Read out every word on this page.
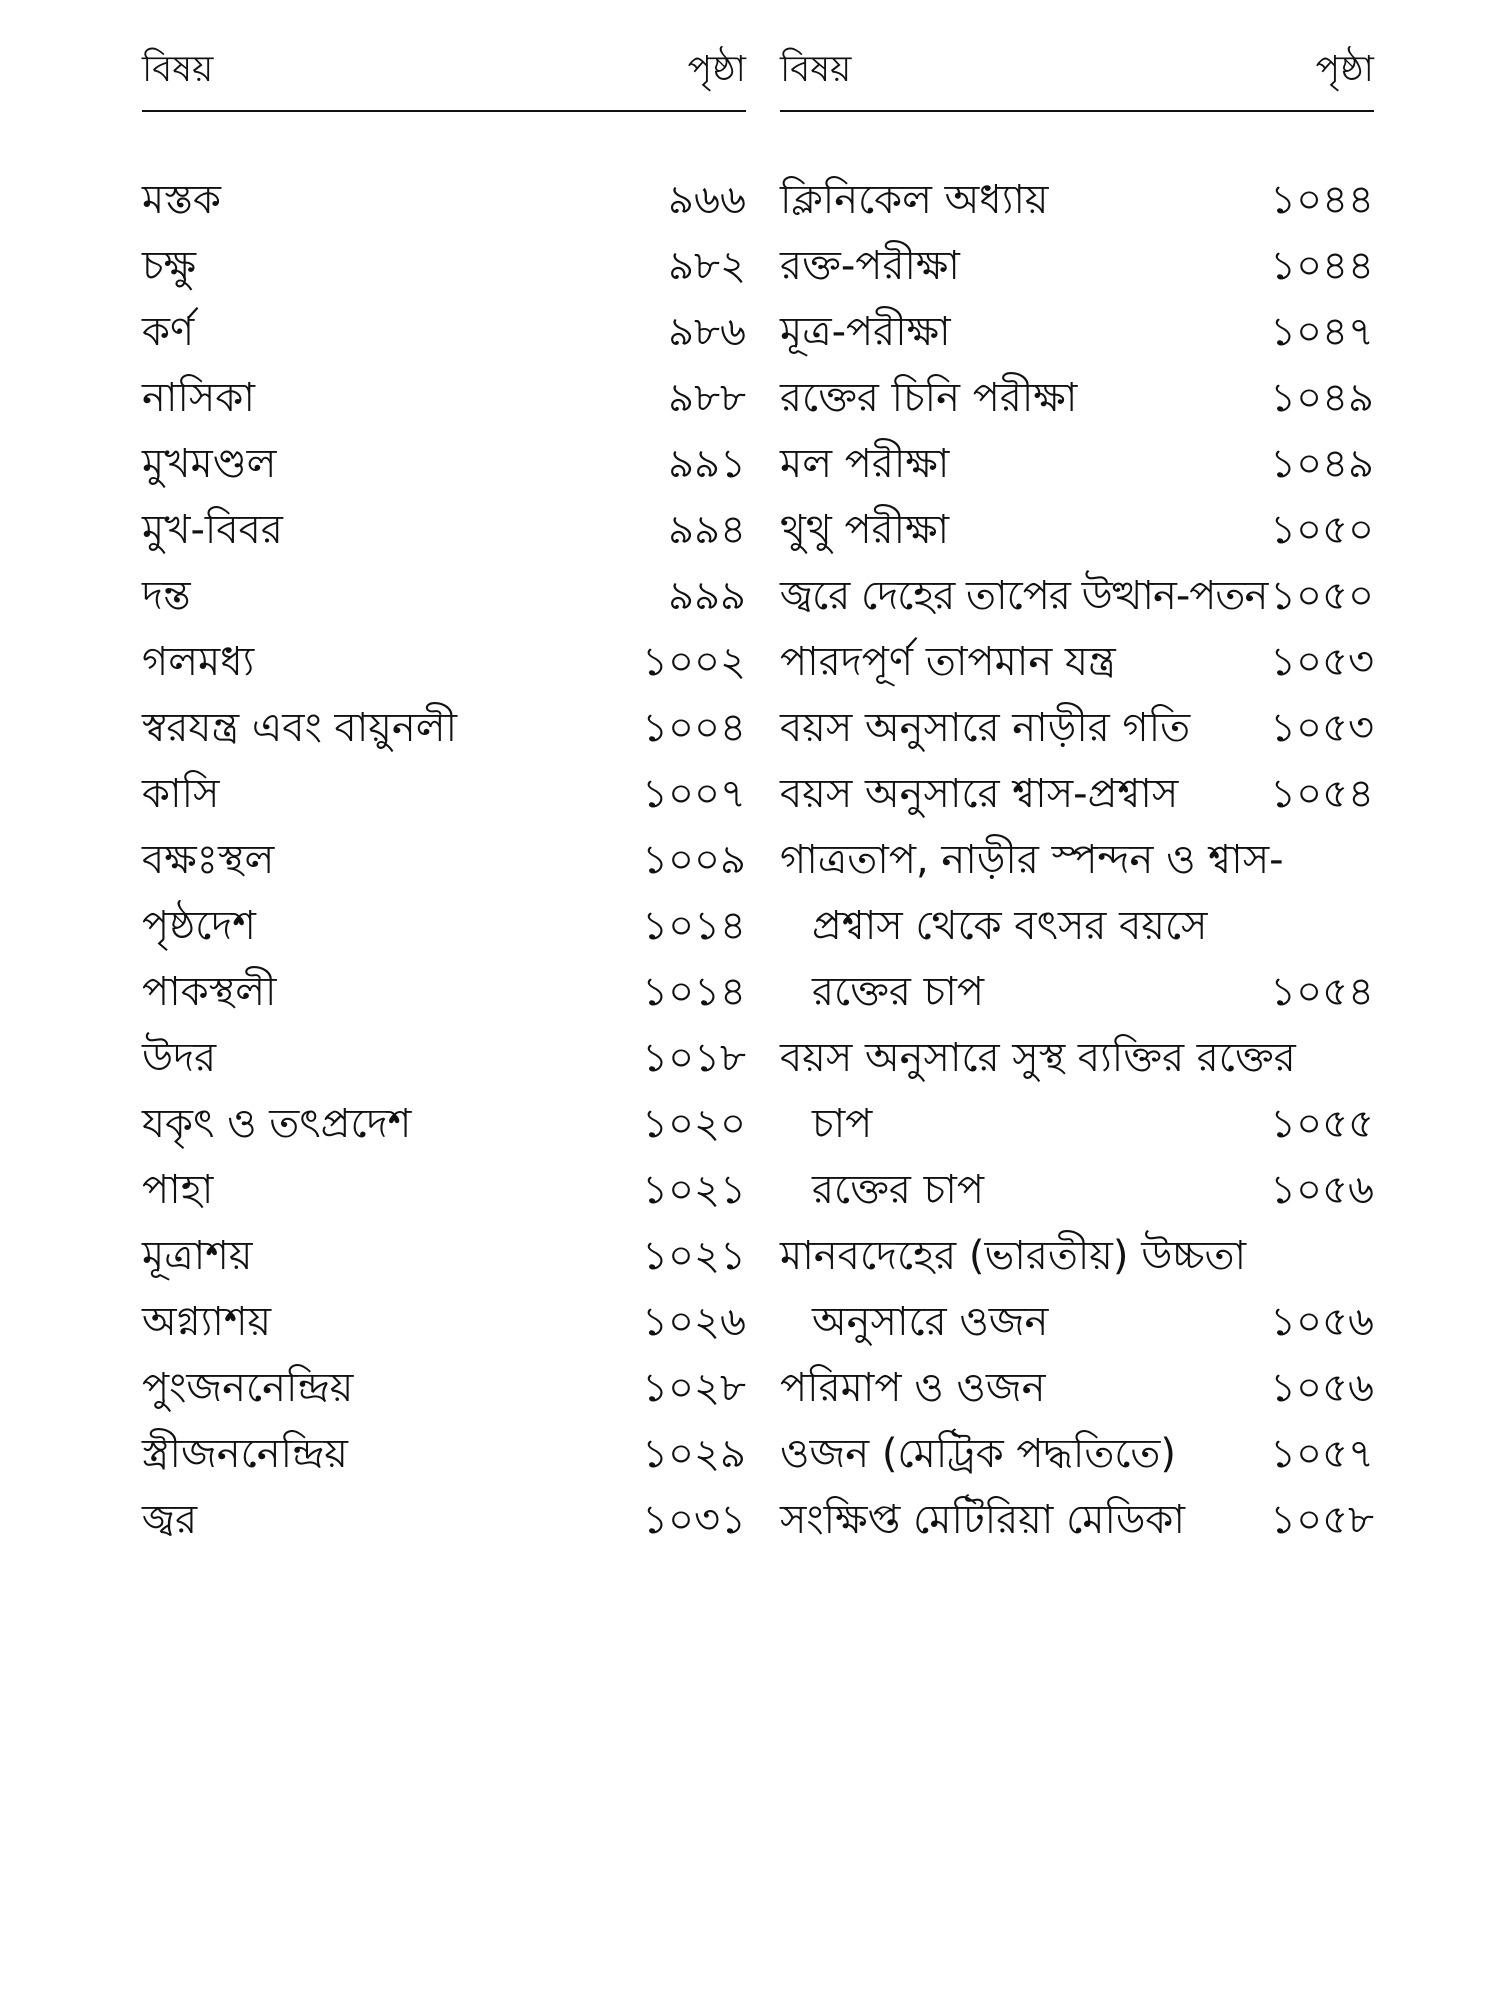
বিষয়	পৃষ্ঠা
মস্তক	৯৬৬
চক্ষু	৯৮২
কর্ণ	৯৮৬
নাসিকা	৯৮৮
মুখমণ্ডল	৯৯১
মুখ-বিবর	৯৯৪
দন্ত	৯৯৯
গলমধ্য	১০০২
স্বরযন্ত্র এবং বায়ুনলী	১০০৪
কাসি	১০০৭
বক্ষঃস্থল	১০০৯
পৃষ্ঠদেশ	১০১৪
পাকস্থলী	১০১৪
উদর	১০১৮
যকৃৎ ও তৎপ্রদেশ	১০২০
পাহা	১০২১
মূত্রাশয়	১০২১
অগ্ন্যাশয়	১০২৬
পুংজননেন্দ্রিয়	১০২৮
স্ত্রীজননেন্দ্রিয়	১০২৯
জ্বর	১০৩১
বিষয়	পৃষ্ঠা
ক্লিনিকেল অধ্যায়	১০৪৪
রক্ত-পরীক্ষা	১০৪৪
মূত্র-পরীক্ষা	১০৪৭
রক্তের চিনি পরীক্ষা	১০৪৯
মল পরীক্ষা	১০৪৯
থুথু পরীক্ষা	১০৫০
জ্বরে দেহের তাপের উত্থান-পতন ১০৫০
পারদপূর্ণ তাপমান যন্ত্র	১০৫৩
বয়স অনুসারে নাড়ীর গতি ১০৫৩
বয়স অনুসারে শ্বাস-প্রশ্বাস ১০৫৪
গাত্রতাপ, নাড়ীর স্পন্দন ও শ্বাস-
প্রশ্বাস থেকে বৎসর বয়সে
রক্তের চাপ	১০৫৪
বয়স অনুসারে সুস্থ ব্যক্তির রক্তের
চাপ	১০৫৫
রক্তের চাপ	১০৫৬
মানবদেহের (ভারতীয়) উচ্চতা
অনুসারে ওজন	১০৫৬
পরিমাপ ও ওজন	১০৫৬
ওজন (মেট্রিক পদ্ধতিতে) ১০৫৭
সংক্ষিপ্ত মেটিরিয়া মেডিকা ১০৫৮
